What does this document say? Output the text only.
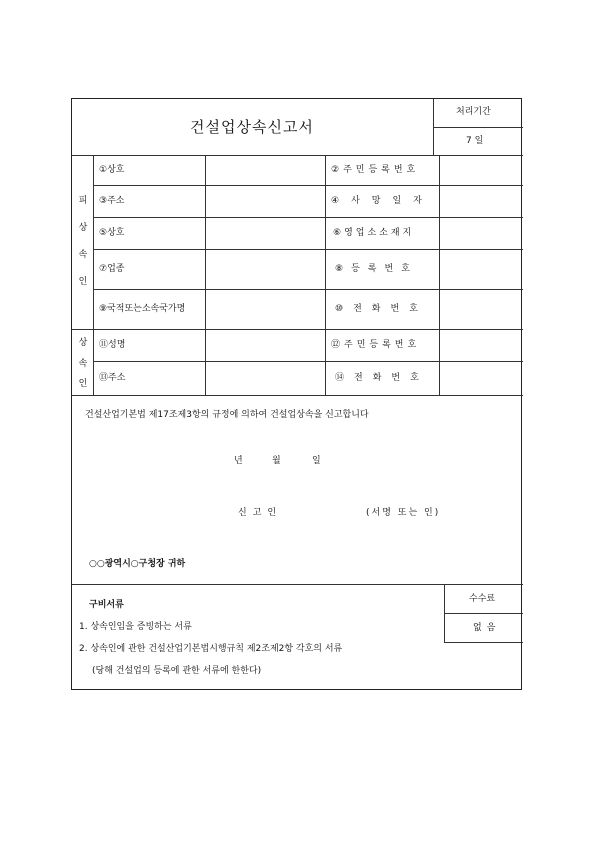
건설업상속신고서
처리기간
7 일
피
상
속
인
상
속
인
①상호	②주민등록번호
③주소	④사망일자
⑤상호	⑥영업소소재지
⑦업종	⑧등록번호
⑨국적또는소속국가명	⑩전화번호
⑪성명	⑫주민등록번호
⑬주소	⑭전화번호
건설산업기본법 제17조제3항의 규정에 의하여 건설업상속을 신고합니다
년	월	일
신고인	(서명 또는 인)
○○광역시○구청장 귀하
구비서류
1. 상속인임을 증빙하는 서류
2. 상속인에 관한 건설산업기본법시행규칙 제2조제2항 각호의 서류
(당해 건설업의 등록에 관한 서류에 한한다)
수수료
없음
